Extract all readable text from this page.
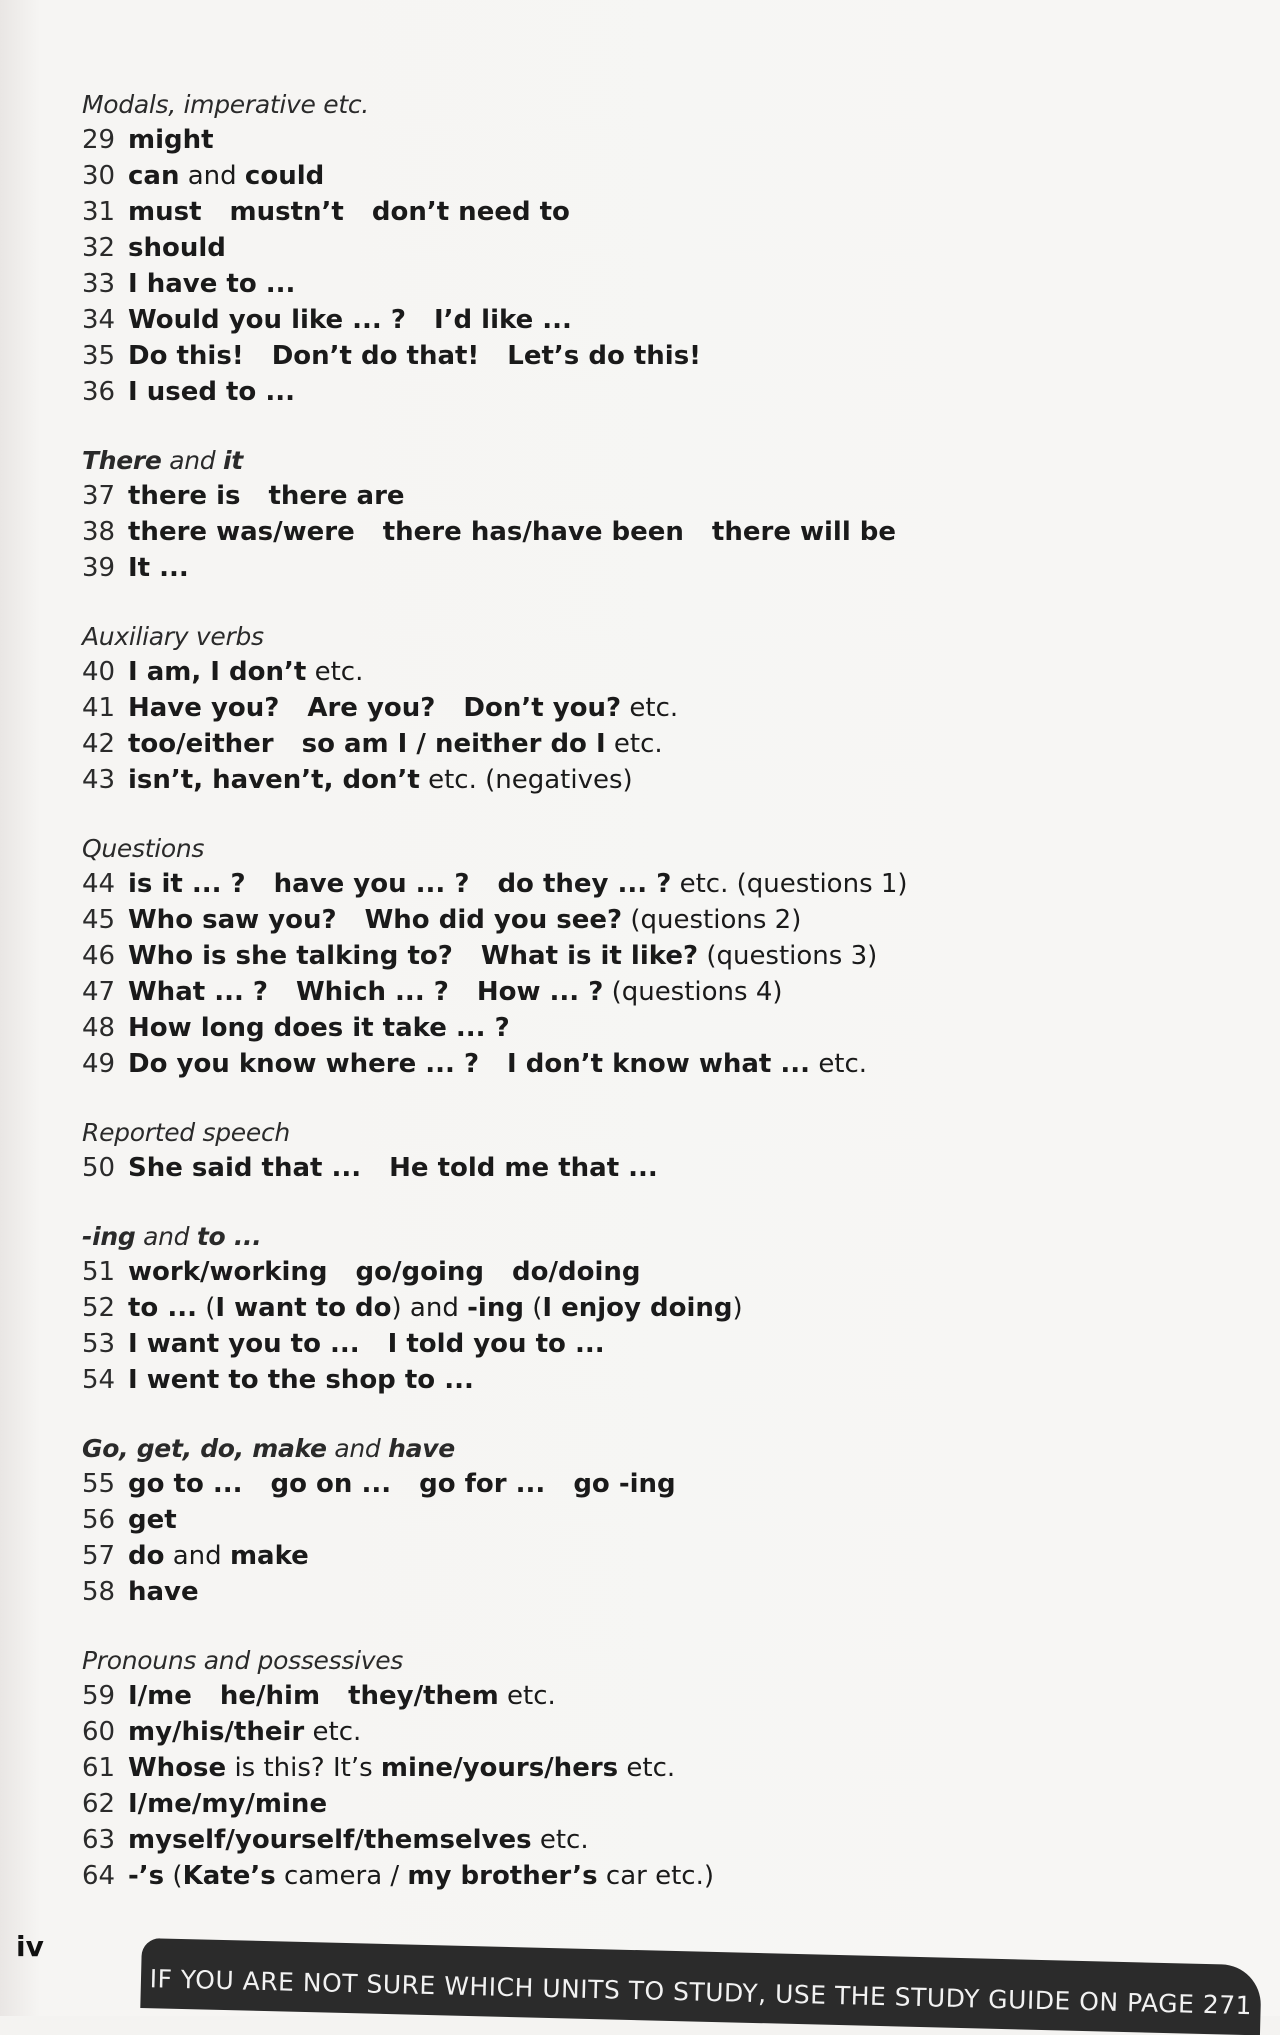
Modals, imperative etc.
29 might
30 can and could
31 must mustn’t don’t need to
32 should
33 I have to ...
34 Would you like ... ? I’d like ...
35 Do this! Don’t do that! Let’s do this!
36 I used to ...
There and it
37 there is there are
38 there was/were there has/have been there will be
39 It ...
Auxiliary verbs
40 I am, I don’t etc.
41 Have you? Are you? Don’t you? etc.
42 too/either so am I / neither do I etc.
43 isn’t, haven’t, don’t etc. (negatives)
Questions
44 is it ... ? have you ... ? do they ... ? etc. (questions 1)
45 Who saw you? Who did you see? (questions 2)
46 Who is she talking to? What is it like? (questions 3)
47 What ... ? Which ... ? How ... ? (questions 4)
48 How long does it take ... ?
49 Do you know where ... ? I don’t know what ... etc.
Reported speech
50 She said that ... He told me that ...
-ing and to ...
51 work/working go/going do/doing
52 to ... (I want to do) and -ing (I enjoy doing)
53 I want you to ... I told you to ...
54 I went to the shop to ...
Go, get, do, make and have
55 go to ... go on ... go for ... go -ing
56 get
57 do and make
58 have
Pronouns and possessives
59 I/me he/him they/them etc.
60 my/his/their etc.
61 Whose is this? It’s mine/yours/hers etc.
62 I/me/my/mine
63 myself/yourself/themselves etc.
64 -’s (Kate’s camera / my brother’s car etc.)
iv
IF YOU ARE NOT SURE WHICH UNITS TO STUDY, USE THE STUDY GUIDE ON PAGE 271
